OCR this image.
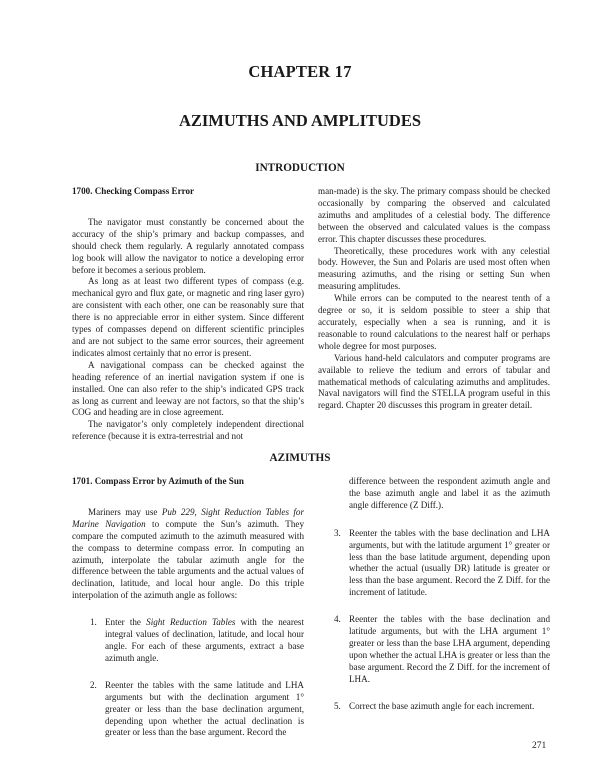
CHAPTER 17
AZIMUTHS AND AMPLITUDES
INTRODUCTION

1700. Checking Compass Error

The navigator must constantly be concerned about the accuracy of the ship’s primary and backup compasses, and should check them regularly. A regularly annotated compass log book will allow the navigator to notice a developing error before it becomes a serious problem.

As long as at least two different types of compass (e.g. mechanical gyro and flux gate, or magnetic and ring laser gyro) are consistent with each other, one can be reasonably sure that there is no appreciable error in either system. Since different types of compasses depend on different scientific principles and are not subject to the same error sources, their agreement indicates almost certainly that no error is present.

A navigational compass can be checked against the heading reference of an inertial navigation system if one is installed. One can also refer to the ship’s indicated GPS track as long as current and leeway are not factors, so that the ship’s COG and heading are in close agreement.

The navigator’s only completely independent directional reference (because it is extra-terrestrial and not

man-made) is the sky. The primary compass should be checked occasionally by comparing the observed and calculated azimuths and amplitudes of a celestial body. The difference between the observed and calculated values is the compass error. This chapter discusses these procedures.

Theoretically, these procedures work with any celestial body. However, the Sun and Polaris are used most often when measuring azimuths, and the rising or setting Sun when measuring amplitudes.

While errors can be computed to the nearest tenth of a degree or so, it is seldom possible to steer a ship that accurately, especially when a sea is running, and it is reasonable to round calculations to the nearest half or perhaps whole degree for most purposes.

Various hand-held calculators and computer programs are available to relieve the tedium and errors of tabular and mathematical methods of calculating azimuths and amplitudes. Naval navigators will find the STELLA program useful in this regard. Chapter 20 discusses this program in greater detail.

AZIMUTHS

1701. Compass Error by Azimuth of the Sun

Mariners may use Pub 229, Sight Reduction Tables for Marine Navigation to compute the Sun’s azimuth. They compare the computed azimuth to the azimuth measured with the compass to determine compass error. In computing an azimuth, interpolate the tabular azimuth angle for the difference between the table arguments and the actual values of declination, latitude, and local hour angle. Do this triple interpolation of the azimuth angle as follows:

1. Enter the Sight Reduction Tables with the nearest integral values of declination, latitude, and local hour angle. For each of these arguments, extract a base azimuth angle.
2. Reenter the tables with the same latitude and LHA arguments but with the declination argument 1° greater or less than the base declination argument, depending upon whether the actual declination is greater or less than the base argument. Record the

difference between the respondent azimuth angle and the base azimuth angle and label it as the azimuth angle difference (Z Diff.).

3. Reenter the tables with the base declination and LHA arguments, but with the latitude argument 1° greater or less than the base latitude argument, depending upon whether the actual (usually DR) latitude is greater or less than the base argument. Record the Z Diff. for the increment of latitude.
4. Reenter the tables with the base declination and latitude arguments, but with the LHA argument 1° greater or less than the base LHA argument, depending upon whether the actual LHA is greater or less than the base argument. Record the Z Diff. for the increment of LHA.
5. Correct the base azimuth angle for each increment.
271
